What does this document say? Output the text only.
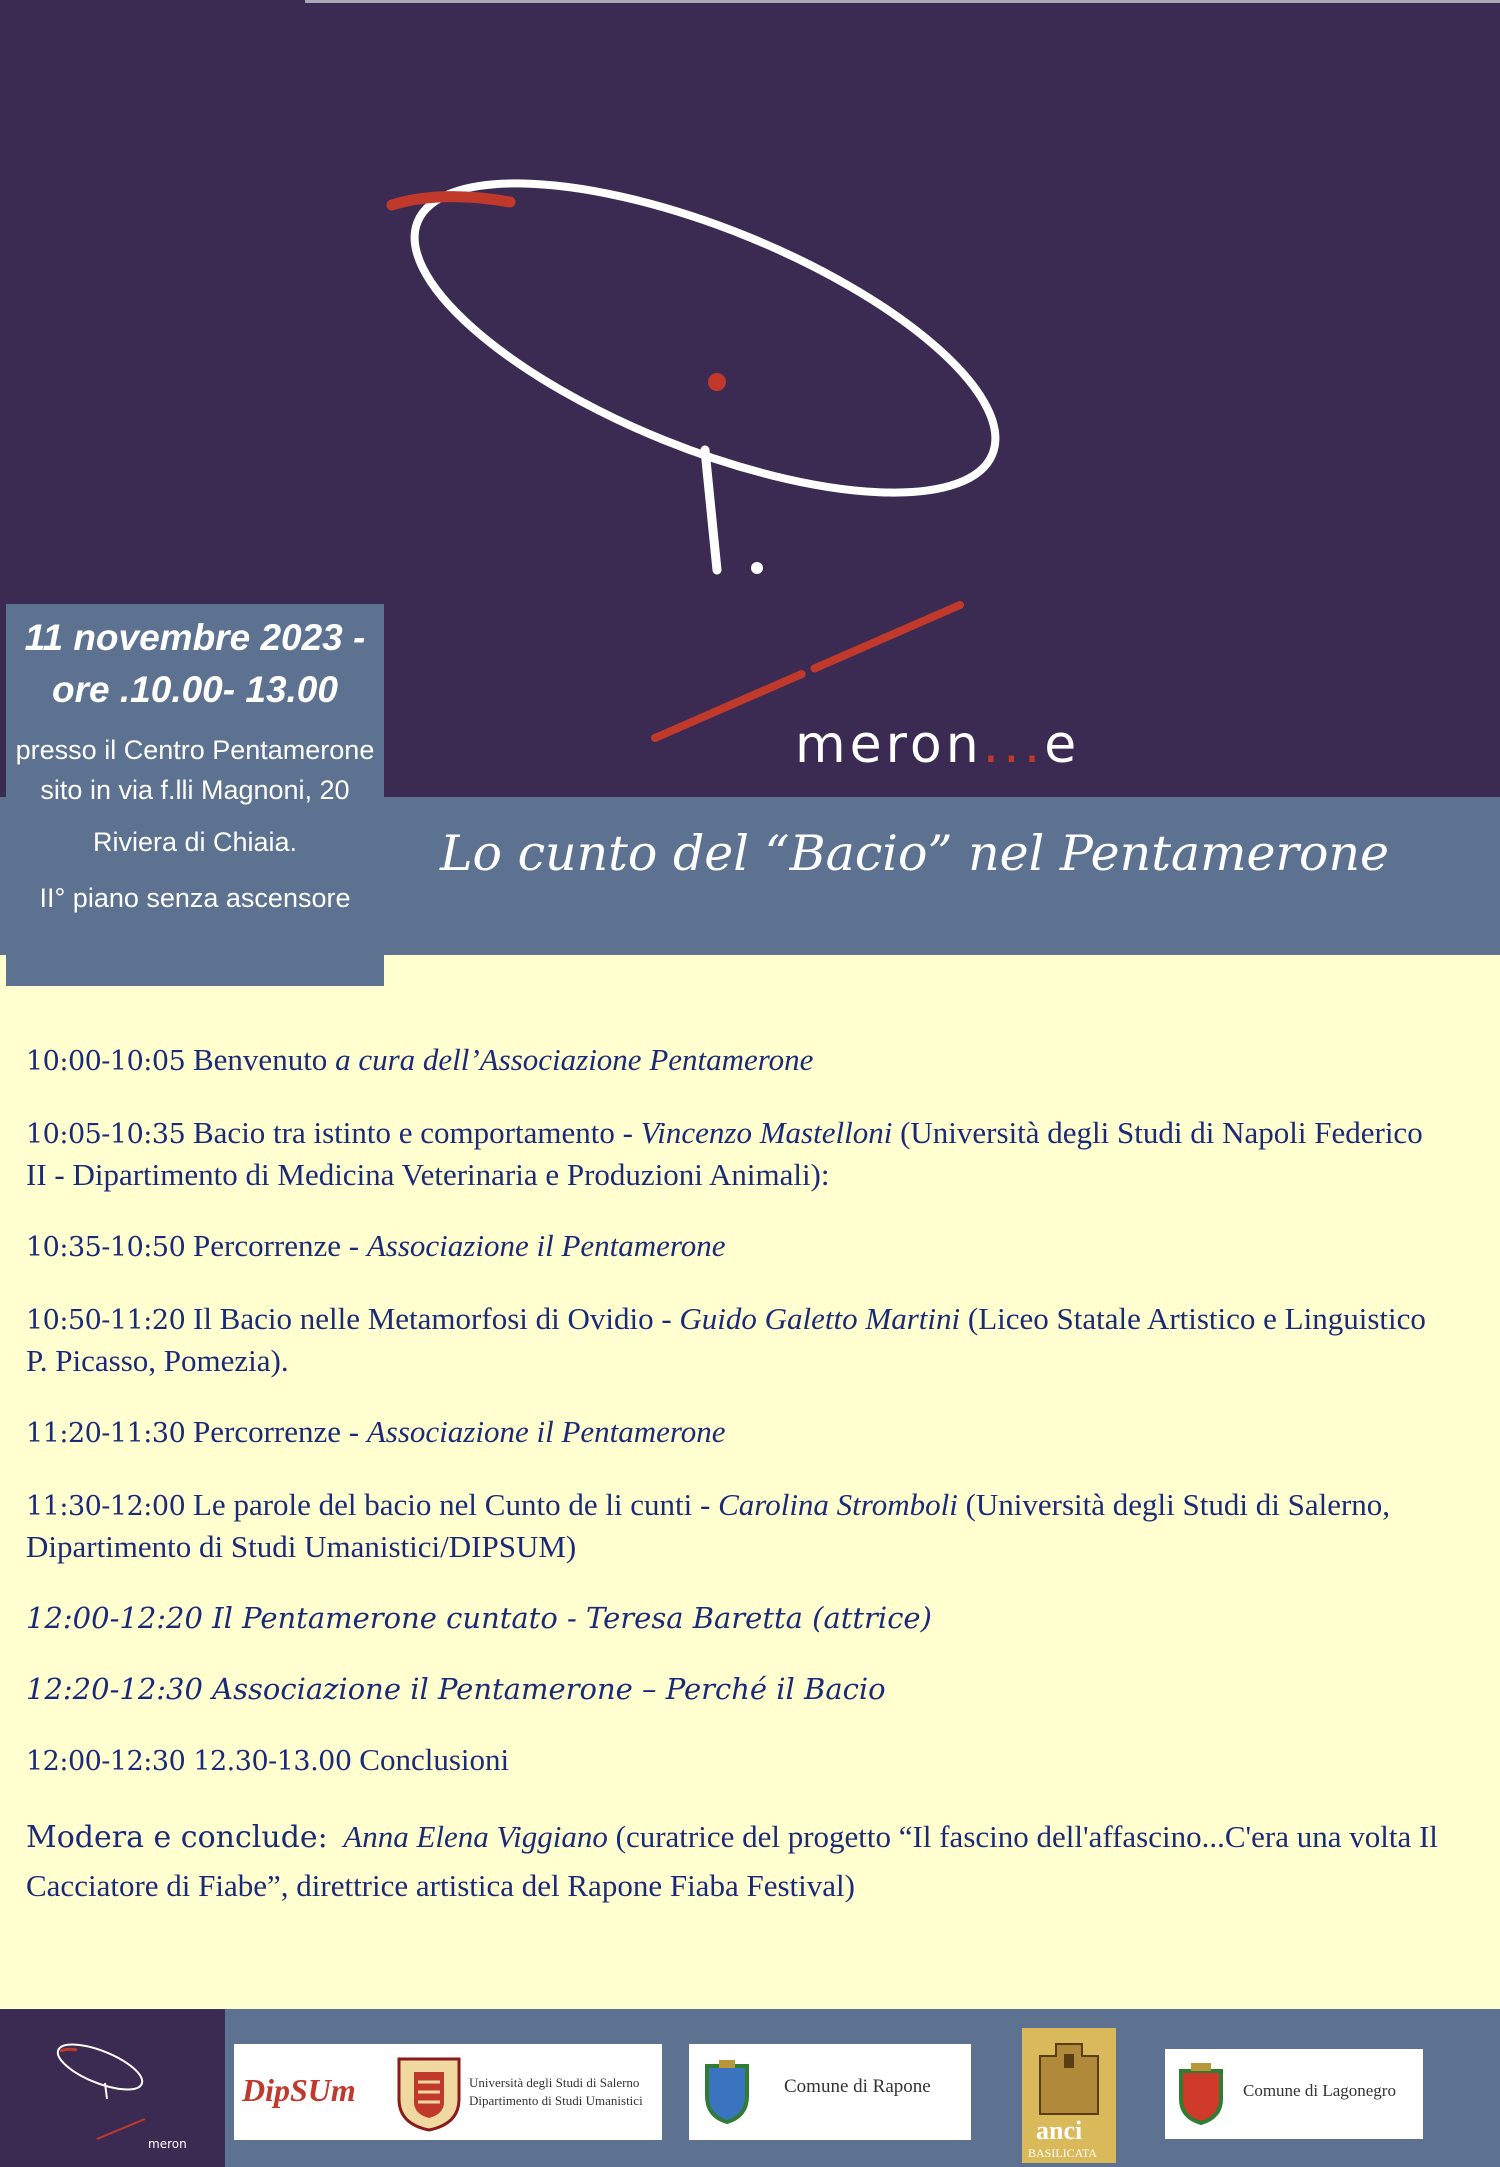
meron...e
Lo cunto del “Bacio” nel Pentamerone
11 novembre 2023 -
ore .10.00- 13.00
presso il Centro Pentamerone sito in via f.lli Magnoni, 20
Riviera di Chiaia.
II° piano senza ascensore
10:00-10:05 Benvenuto a cura dell’Associazione Pentamerone
10:05-10:35 Bacio tra istinto e comportamento - Vincenzo Mastelloni (Università degli Studi di Napoli Federico II - Dipartimento di Medicina Veterinaria e Produzioni Animali):
10:35-10:50 Percorrenze - Associazione il Pentamerone
10:50-11:20 Il Bacio nelle Metamorfosi di Ovidio - Guido Galetto Martini (Liceo Statale Artistico e Linguistico P. Picasso, Pomezia).
11:20-11:30 Percorrenze - Associazione il Pentamerone
11:30-12:00 Le parole del bacio nel Cunto de li cunti - Carolina Stromboli (Università degli Studi di Salerno, Dipartimento di Studi Umanistici/DIPSUM)
12:00-12:20 Il Pentamerone cuntato - Teresa Baretta (attrice)
12:20-12:30 Associazione il Pentamerone – Perché il Bacio
12:00-12:30 12.30-13.00 Conclusioni
Modera e conclude: Anna Elena Viggiano (curatrice del progetto “Il fascino dell'affascino...C'era una volta Il Cacciatore di Fiabe”, direttrice artistica del Rapone Fiaba Festival)
meron
DipSUm	Università degli Studi di Salerno
Dipartimento di Studi Umanistici
Comune di Rapone
anci
BASILICATA
Comune di Lagonegro
